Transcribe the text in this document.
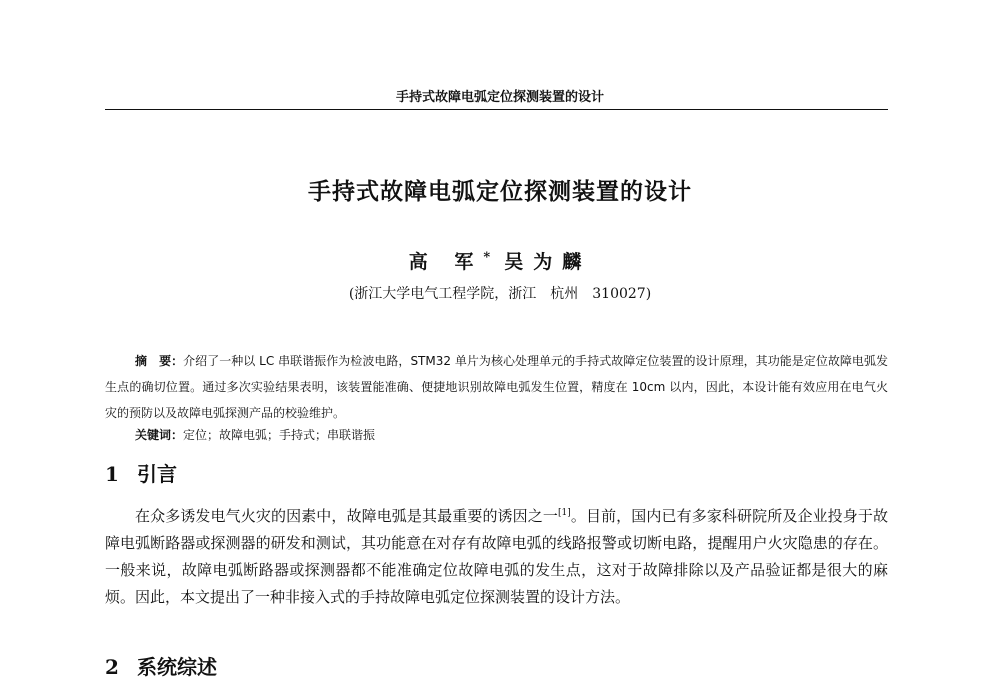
手持式故障电弧定位探测装置的设计
手持式故障电弧定位探测装置的设计
高 军* 吴为麟
(浙江大学电气工程学院，浙江　杭州　310027)

摘　要：介绍了一种以 LC 串联谐振作为检波电路，STM32 单片为核心处理单元的手持式故障定位装置的设计原理，其功能是定位故障电弧发生点的确切位置。通过多次实验结果表明，该装置能准确、便捷地识别故障电弧发生位置，精度在 10cm 以内，因此，本设计能有效应用在电气火灾的预防以及故障电弧探测产品的校验维护。

关键词：定位；故障电弧；手持式；串联谐振
1 引言

在众多诱发电气火灾的因素中，故障电弧是其最重要的诱因之一[1]。目前，国内已有多家科研院所及企业投身于故障电弧断路器或探测器的研发和测试，其功能意在对存有故障电弧的线路报警或切断电路，提醒用户火灾隐患的存在。一般来说，故障电弧断路器或探测器都不能准确定位故障电弧的发生点，这对于故障排除以及产品验证都是很大的麻烦。因此，本文提出了一种非接入式的手持故障电弧定位探测装置的设计方法。

2 系统综述
